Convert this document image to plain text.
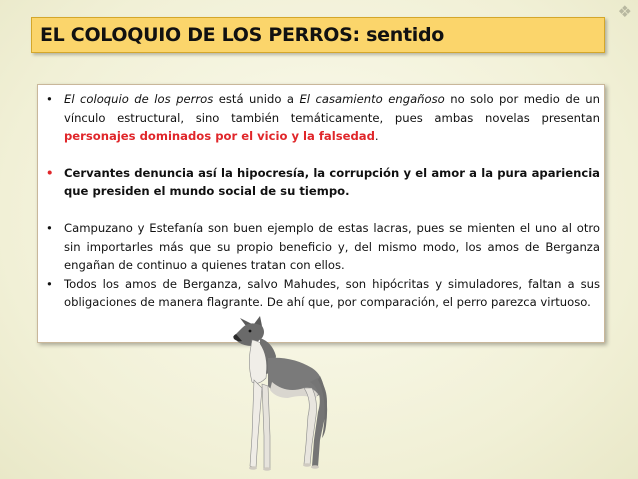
❖
EL COLOQUIO DE LOS PERROS: sentido
• El coloquio de los perros está unido a El casamiento engañoso no solo por medio de un vínculo estructural, sino también temáticamente, pues ambas novelas presentan personajes dominados por el vicio y la falsedad.
• Cervantes denuncia así la hipocresía, la corrupción y el amor a la pura apariencia que presiden el mundo social de su tiempo.
• Campuzano y Estefanía son buen ejemplo de estas lacras, pues se mienten el uno al otro sin importarles más que su propio beneficio y, del mismo modo, los amos de Berganza engañan de continuo a quienes tratan con ellos.
• Todos los amos de Berganza, salvo Mahudes, son hipócritas y simuladores, faltan a sus obligaciones de manera flagrante. De ahí que, por comparación, el perro parezca virtuoso.
